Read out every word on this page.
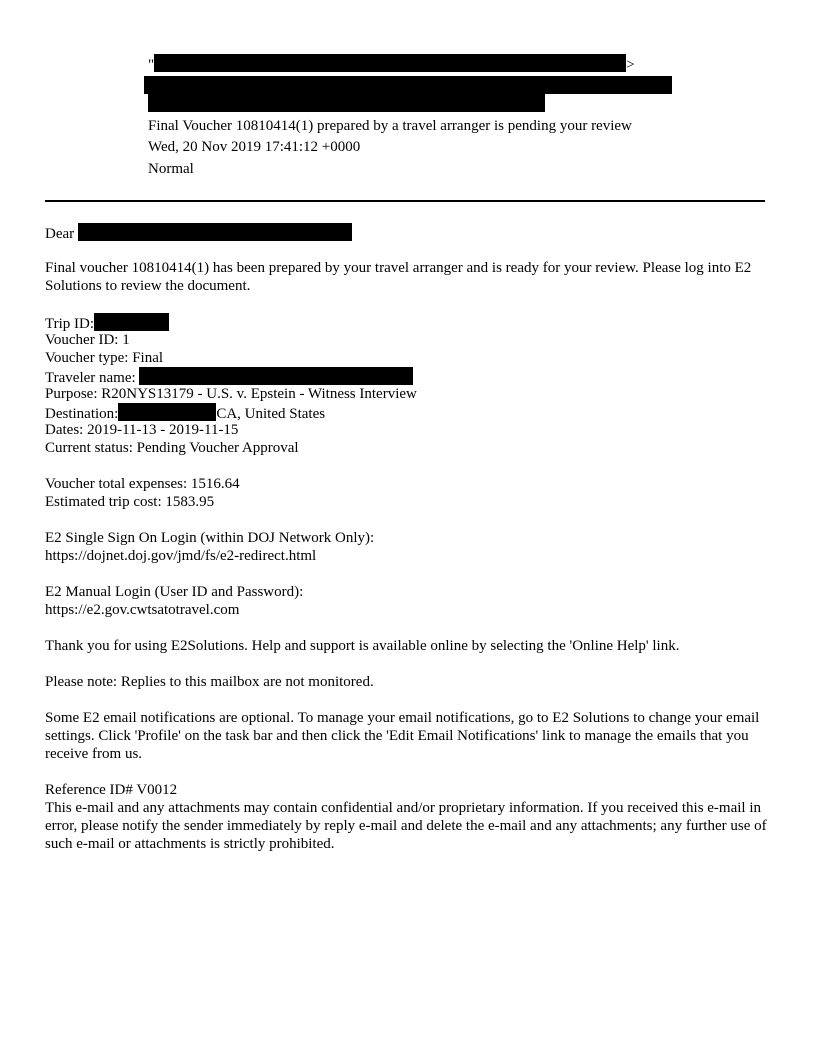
"	>
Final Voucher 10810414(1) prepared by a travel arranger is pending your review
Wed, 20 Nov 2019 17:41:12 +0000
Normal
Dear
Final voucher 10810414(1) has been prepared by your travel arranger and is ready for your review. Please log into E2 Solutions to review the document.
Trip ID:
Voucher ID: 1
Voucher type: Final
Traveler name:
Purpose: R20NYS13179 - U.S. v. Epstein - Witness Interview
Destination:	CA, United States
Dates: 2019-11-13 - 2019-11-15
Current status: Pending Voucher Approval
Voucher total expenses: 1516.64
Estimated trip cost: 1583.95
E2 Single Sign On Login (within DOJ Network Only):
https://dojnet.doj.gov/jmd/fs/e2-redirect.html
E2 Manual Login (User ID and Password):
https://e2.gov.cwtsatotravel.com
Thank you for using E2Solutions. Help and support is available online by selecting the 'Online Help' link.
Please note: Replies to this mailbox are not monitored.
Some E2 email notifications are optional. To manage your email notifications, go to E2 Solutions to change your email settings. Click 'Profile' on the task bar and then click the 'Edit Email Notifications' link to manage the emails that you receive from us.
Reference ID# V0012
This e-mail and any attachments may contain confidential and/or proprietary information. If you received this e-mail in error, please notify the sender immediately by reply e-mail and delete the e-mail and any attachments; any further use of such e-mail or attachments is strictly prohibited.
